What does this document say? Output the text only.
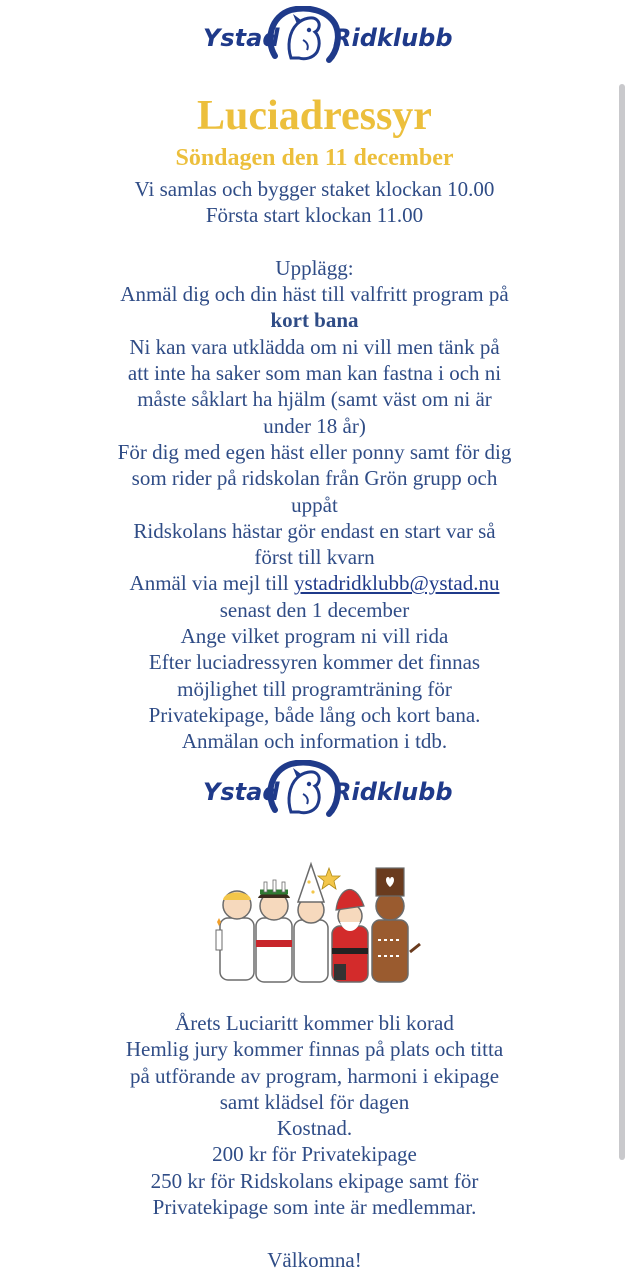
Ystad Ridklubb
Luciadressyr
Söndagen den 11 december
Vi samlas och bygger staket klockan 10.00
Första start klockan 11.00
Upplägg:
Anmäl dig och din häst till valfritt program på
kort bana
Ni kan vara utklädda om ni vill men tänk på
att inte ha saker som man kan fastna i och ni
måste såklart ha hjälm (samt väst om ni är
under 18 år)
För dig med egen häst eller ponny samt för dig
som rider på ridskolan från Grön grupp och
uppåt
Ridskolans hästar gör endast en start var så
först till kvarn
Anmäl via mejl till ystadridklubb@ystad.nu
senast den 1 december
Ange vilket program ni vill rida
Efter luciadressyren kommer det finnas
möjlighet till programträning för
Privatekipage, både lång och kort bana.
Anmälan och information i tdb.
Ystad Ridklubb
Årets Luciaritt kommer bli korad
Hemlig jury kommer finnas på plats och titta
på utförande av program, harmoni i ekipage
samt klädsel för dagen
Kostnad.
200 kr för Privatekipage
250 kr för Ridskolans ekipage samt för
Privatekipage som inte är medlemmar.
Välkomna!
